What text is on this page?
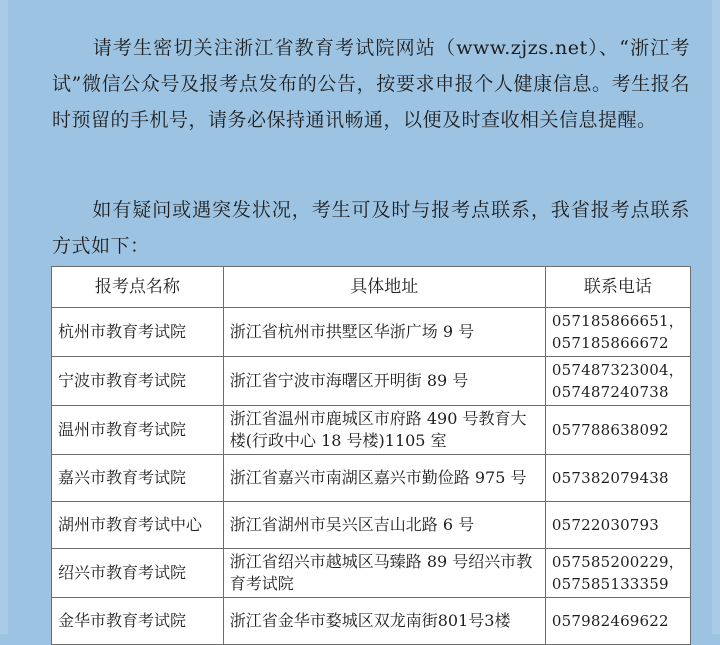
请考生密切关注浙江省教育考试院网站（www.zjzs.net）、“浙江考试”微信公众号及报考点发布的公告，按要求申报个人健康信息。考生报名时预留的手机号，请务必保持通讯畅通，以便及时查收相关信息提醒。

如有疑问或遇突发状况，考生可及时与报考点联系，我省报考点联系方式如下：

报考点名称	具体地址	联系电话
杭州市教育考试院	浙江省杭州市拱墅区华浙广场 9 号	057185866651，
057185866672

宁波市教育考试院	浙江省宁波市海曙区开明街 89 号	057487323004，
057487240738

温州市教育考试院	浙江省温州市鹿城区市府路 490 号教育大楼(行政中心 18 号楼)1105 室	057788638092

嘉兴市教育考试院	浙江省嘉兴市南湖区嘉兴市勤俭路 975 号	057382079438

湖州市教育考试中心	浙江省湖州市吴兴区吉山北路 6 号	05722030793

绍兴市教育考试院	浙江省绍兴市越城区马臻路 89 号绍兴市教育考试院	057585200229，
057585133359

金华市教育考试院	浙江省金华市婺城区双龙南街801号3楼	057982469622
